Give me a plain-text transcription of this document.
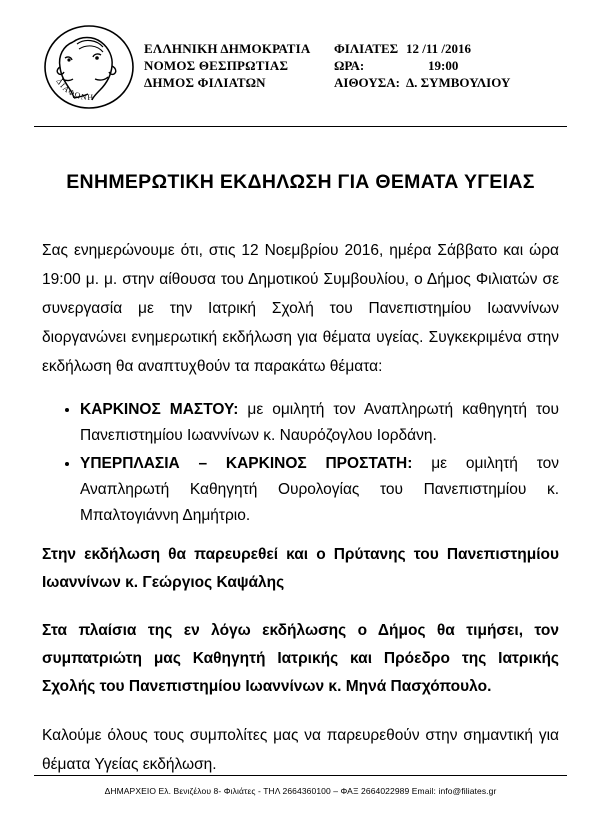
ΔΙΑΦΩΝΗ
ΕΛΛΗΝΙΚΗ ΔΗΜΟΚΡΑΤΙΑ
ΝΟΜΟΣ ΘΕΣΠΡΩΤΙΑΣ
ΔΗΜΟΣ ΦΙΛΙΑΤΩΝ
ΦΙΛΙΑΤΕΣ 12 /11 /2016
ΩΡΑ:	19:00
ΑΙΘΟΥΣΑ: Δ. ΣΥΜΒΟΥΛΙΟΥ
ΕΝΗΜΕΡΩΤΙΚΗ ΕΚΔΗΛΩΣΗ ΓΙΑ ΘΕΜΑΤΑ ΥΓΕΙΑΣ

Σας ενημερώνουμε ότι, στις 12 Νοεμβρίου 2016, ημέρα Σάββατο και ώρα 19:00 μ. μ. στην αίθουσα του Δημοτικού Συμβουλίου, ο Δήμος Φιλιατών σε συνεργασία με την Ιατρική Σχολή του Πανεπιστημίου Ιωαννίνων διοργανώνει ενημερωτική εκδήλωση για θέματα υγείας. Συγκεκριμένα στην εκδήλωση θα αναπτυχθούν τα παρακάτω θέματα:

• ΚΑΡΚΙΝΟΣ ΜΑΣΤΟΥ: με ομιλητή τον Αναπληρωτή καθηγητή του Πανεπιστημίου Ιωαννίνων κ. Ναυρόζογλου Ιορδάνη.
• ΥΠΕΡΠΛΑΣΙΑ – ΚΑΡΚΙΝΟΣ ΠΡΟΣΤΑΤΗ: με ομιλητή τον Αναπληρωτή Καθηγητή Ουρολογίας του Πανεπιστημίου κ. Μπαλτογιάννη Δημήτριο.

Στην εκδήλωση θα παρευρεθεί και ο Πρύτανης του Πανεπιστημίου Ιωαννίνων κ. Γεώργιος Καψάλης

Στα πλαίσια της εν λόγω εκδήλωσης ο Δήμος θα τιμήσει, τον συμπατριώτη μας Καθηγητή Ιατρικής και Πρόεδρο της Ιατρικής Σχολής του Πανεπιστημίου Ιωαννίνων κ. Μηνά Πασχόπουλο.

Καλούμε όλους τους συμπολίτες μας να παρευρεθούν στην σημαντική για θέματα Υγείας εκδήλωση.

ΔΗΜΑΡΧΕΙΟ Ελ. Βενιζέλου 8- Φιλιάτες - ΤΗΛ 2664360100 – ΦΑΞ 2664022989 Email: info@filiates.gr
